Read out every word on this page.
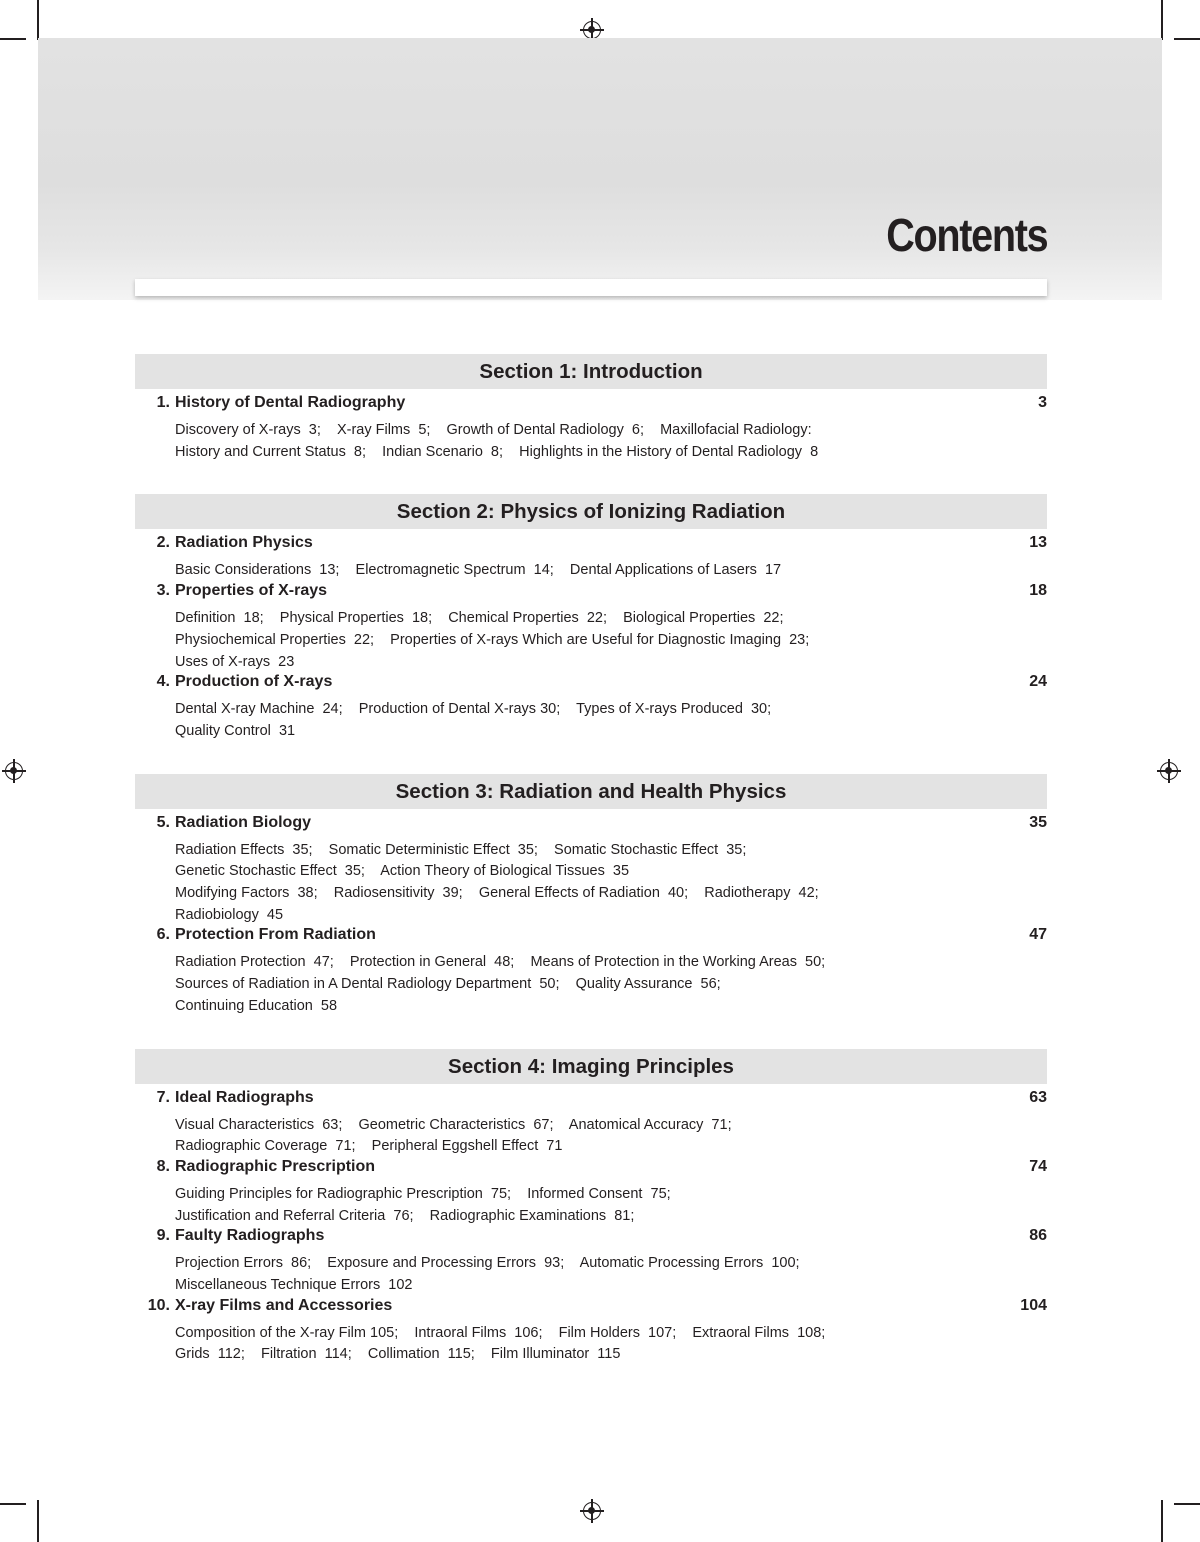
Contents
Section 1: Introduction
1. History of Dental Radiography	3
Discovery of X-rays  3;    X-ray Films  5;    Growth of Dental Radiology  6;    Maxillofacial Radiology:
History and Current Status  8;    Indian Scenario  8;    Highlights in the History of Dental Radiology  8
Section 2: Physics of Ionizing Radiation
2. Radiation Physics	13
Basic Considerations  13;    Electromagnetic Spectrum  14;    Dental Applications of Lasers  17
3. Properties of X-rays	18
Definition  18;    Physical Properties  18;    Chemical Properties  22;    Biological Properties  22;
Physiochemical Properties  22;    Properties of X-rays Which are Useful for Diagnostic Imaging  23;
Uses of X-rays  23
4. Production of X-rays	24
Dental X-ray Machine  24;    Production of Dental X-rays 30;    Types of X-rays Produced  30;
Quality Control  31
Section 3: Radiation and Health Physics
5. Radiation Biology	35
Radiation Effects  35;    Somatic Deterministic Effect  35;    Somatic Stochastic Effect  35;
Genetic Stochastic Effect  35;    Action Theory of Biological Tissues  35
Modifying Factors  38;    Radiosensitivity  39;    General Effects of Radiation  40;    Radiotherapy  42;
Radiobiology  45
6. Protection From Radiation	47
Radiation Protection  47;    Protection in General  48;    Means of Protection in the Working Areas  50;
Sources of Radiation in A Dental Radiology Department  50;    Quality Assurance  56;
Continuing Education  58
Section 4: Imaging Principles
7. Ideal Radiographs	63
Visual Characteristics  63;    Geometric Characteristics  67;    Anatomical Accuracy  71;
Radiographic Coverage  71;    Peripheral Eggshell Effect  71
8. Radiographic Prescription	74
Guiding Principles for Radiographic Prescription  75;    Informed Consent  75;
Justification and Referral Criteria  76;    Radiographic Examinations  81;
9. Faulty Radiographs	86
Projection Errors  86;    Exposure and Processing Errors  93;    Automatic Processing Errors  100;
Miscellaneous Technique Errors  102
10. X-ray Films and Accessories	104
Composition of the X-ray Film 105;    Intraoral Films  106;    Film Holders  107;    Extraoral Films  108;
Grids  112;    Filtration  114;    Collimation  115;    Film Illuminator  115
